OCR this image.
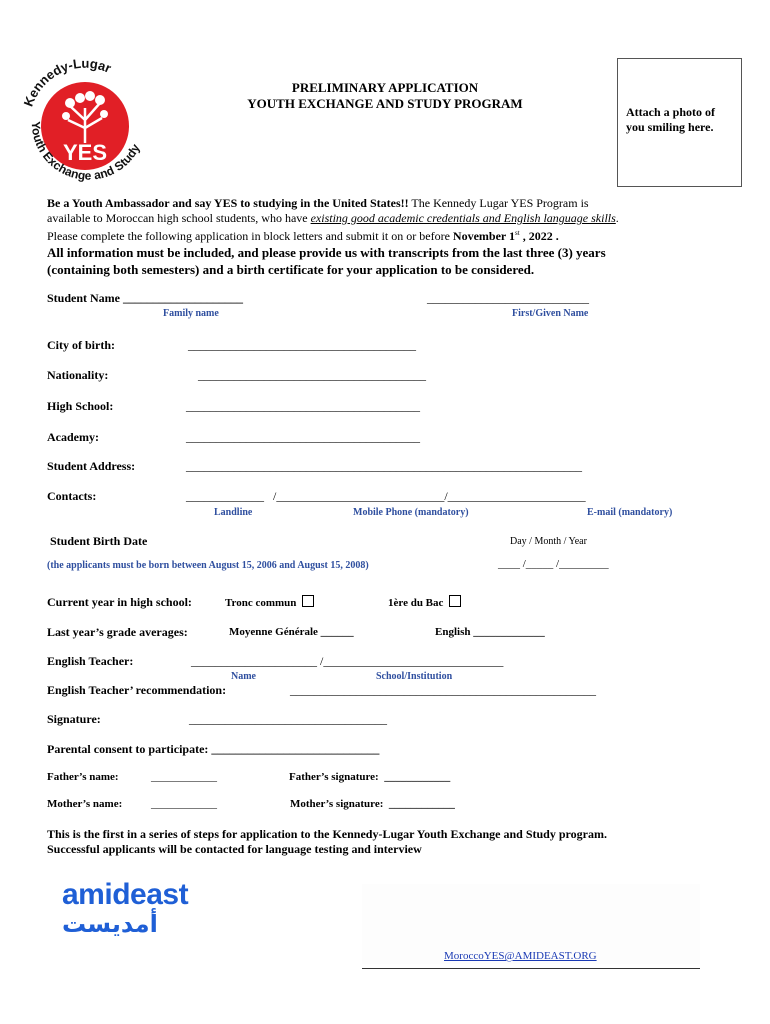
YES
Kennedy-Lugar
Youth Exchange and Study
PRELIMINARY APPLICATION
YOUTH EXCHANGE AND STUDY PROGRAM
Attach a photo of you smiling here.
Be a Youth Ambassador and say YES to studying in the United States!! The Kennedy Lugar YES Program is
available to Moroccan high school students, who have existing good academic credentials and English language skills.
Please complete the following application in block letters and submit it on or before November 1st , 2022 .
All information must be included, and please provide us with transcripts from the last three (3) years
(containing both semesters) and a birth certificate for your application to be considered.
Student Name ____________________	___________________________
Family name	First/Given Name
City of birth:	______________________________________
Nationality:	______________________________________
High School:	_______________________________________
Academy:	_______________________________________
Student Address:	__________________________________________________________________
Contacts:	_____________   /____________________________/_______________________
Landline	Mobile Phone (mandatory)	E-mail (mandatory)
Student Birth Date	Day / Month / Year
(the applicants must be born between August 15, 2006 and August 15, 2008)	____ /_____ /_________
Current year in high school:	Tronc commun	1ère du Bac
Last year’s grade averages:	Moyenne Générale ______	English _____________
English Teacher:	_____________________ /______________________________
Name	School/Institution
English Teacher’ recommendation:	___________________________________________________
Signature:	_________________________________
Parental consent to participate: ____________________________
Father’s name:	____________	Father’s signature:  ____________
Mother’s name:	____________	Mother’s signature:  ____________
This is the first in a series of steps for application to the Kennedy-Lugar Youth Exchange and Study program.
Successful applicants will be contacted for language testing and interview
amideast
أمديست
MoroccoYES@AMIDEAST.ORG
